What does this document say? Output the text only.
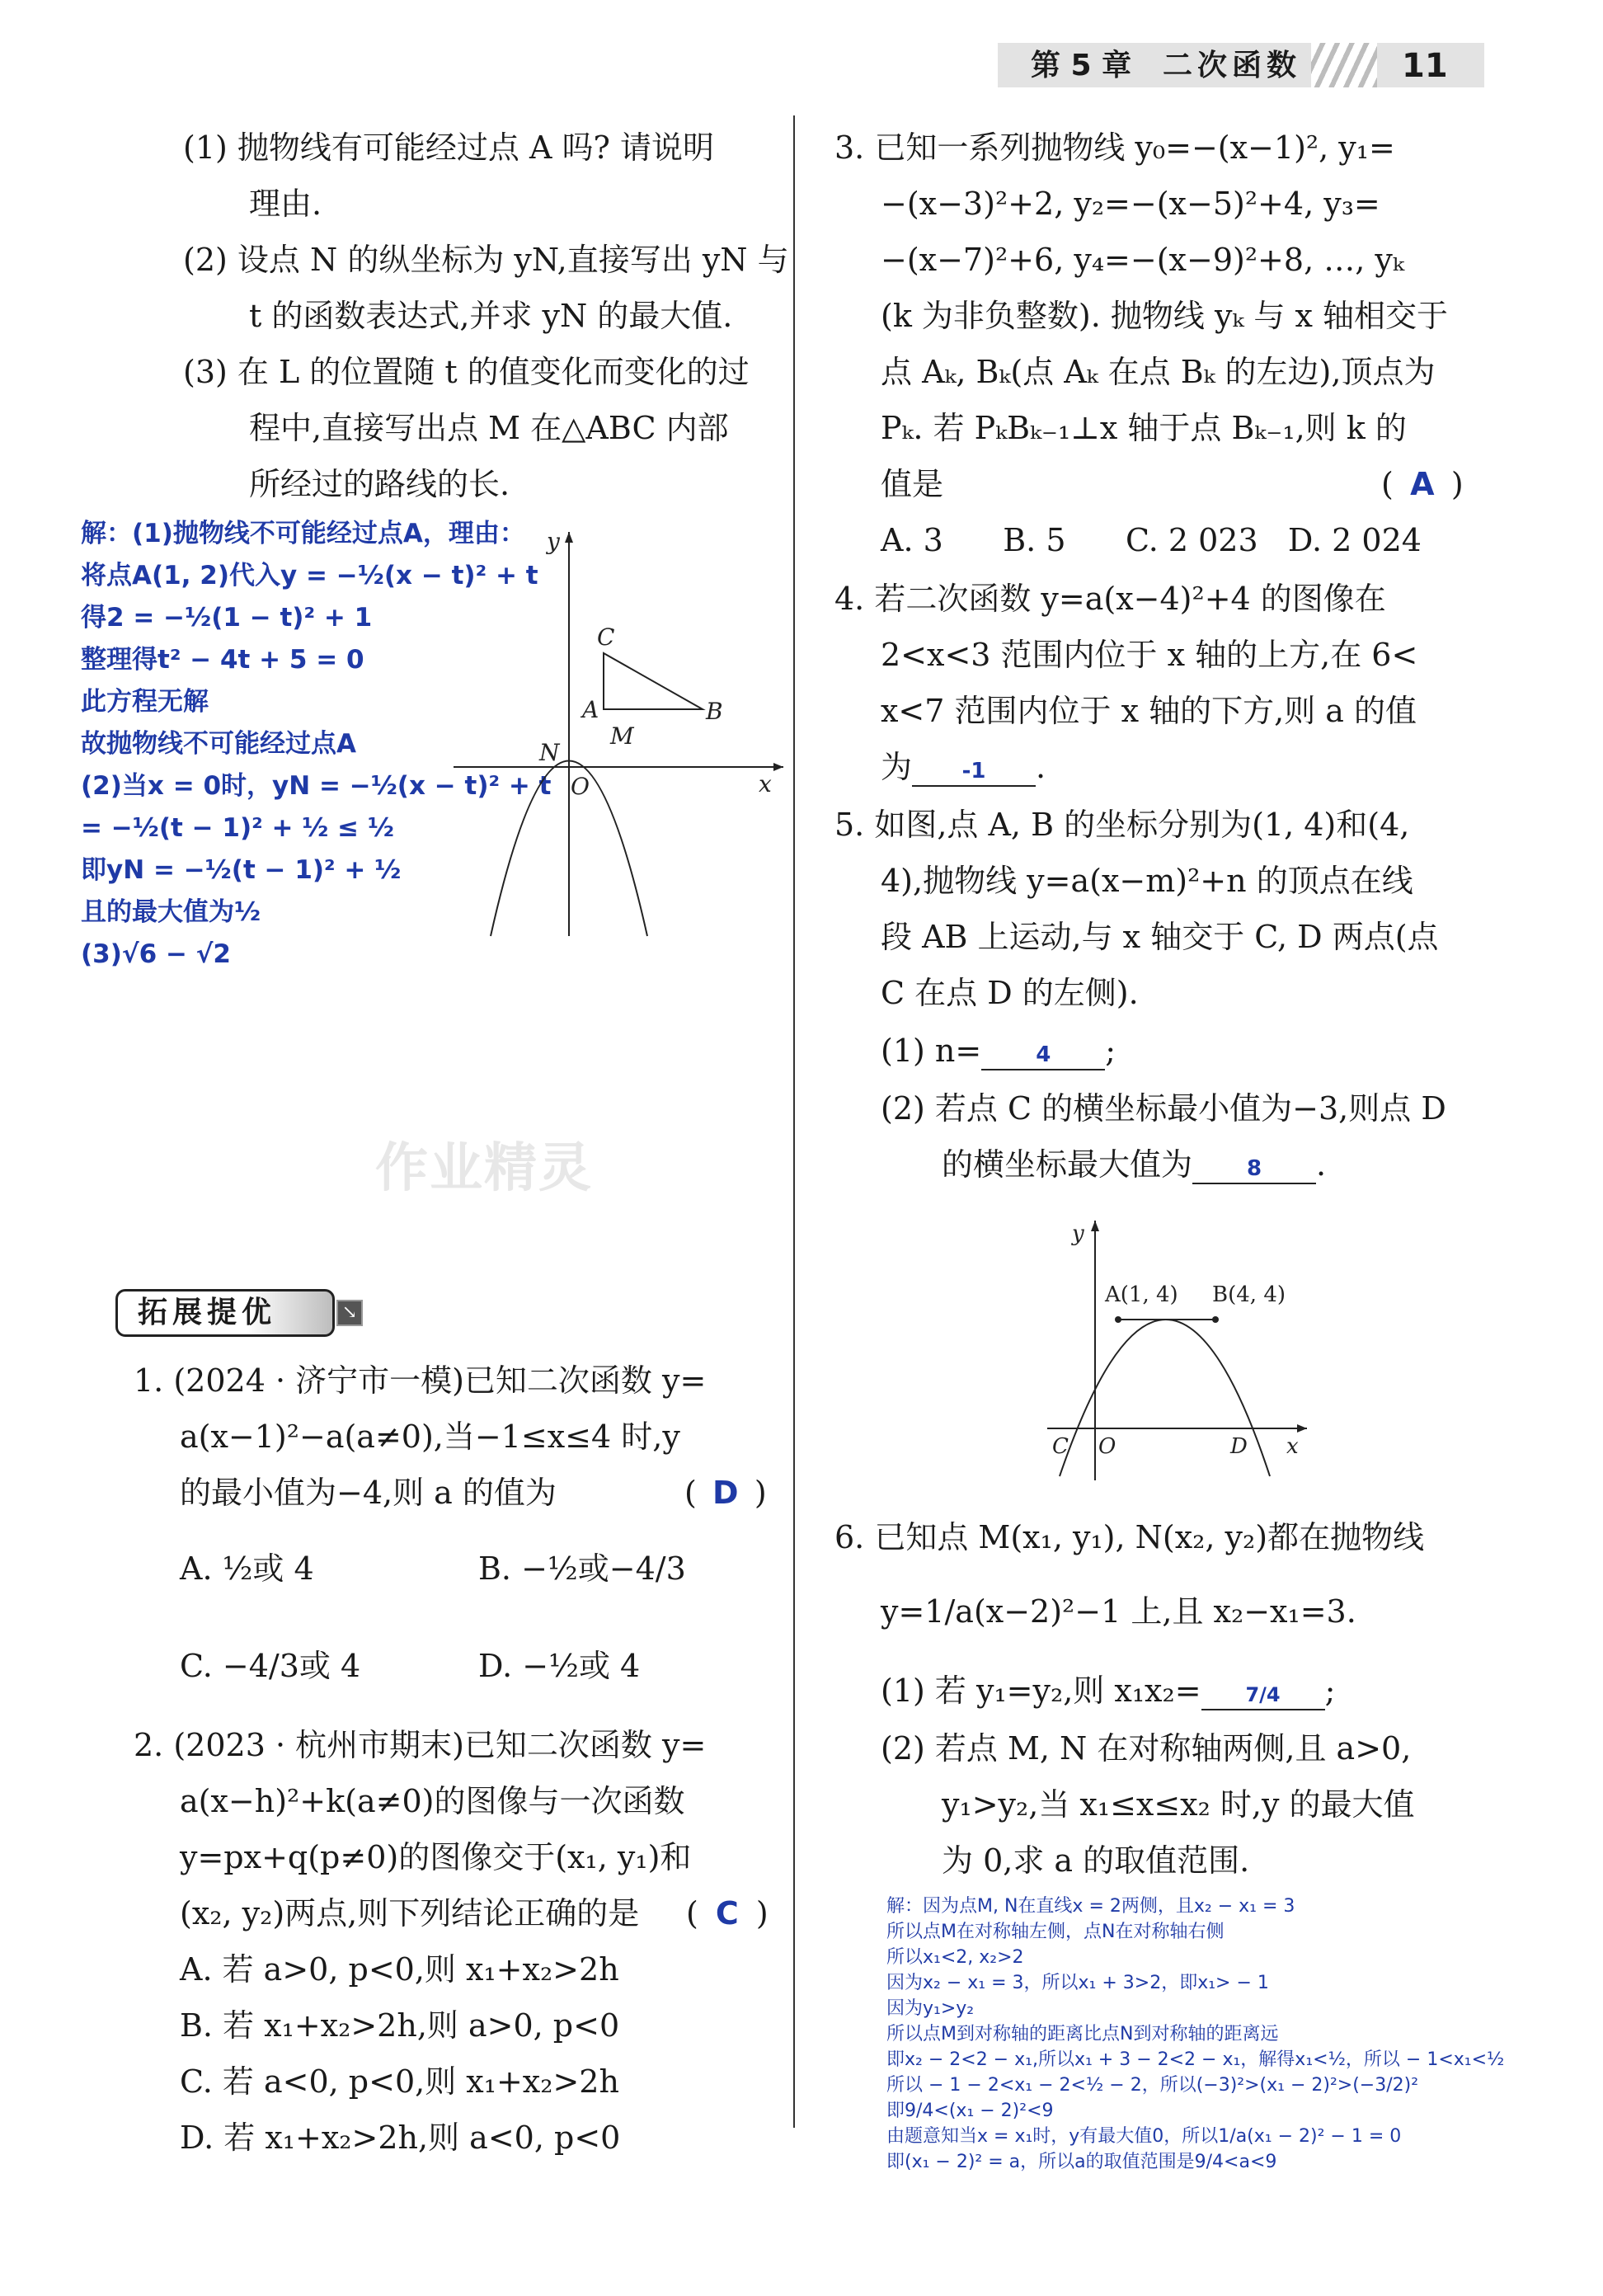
第 5 章 二次函数	11
(1) 抛物线有可能经过点 A 吗? 请说明
理由.
(2) 设点 N 的纵坐标为 yN,直接写出 yN 与
t 的函数表达式,并求 yN 的最大值.
(3) 在 L 的位置随 t 的值变化而变化的过
程中,直接写出点 M 在△ABC 内部
所经过的路线的长.
解：(1)抛物线不可能经过点A，理由：
将点A(1, 2)代入y = −½(x − t)² + t
得2 = −½(1 − t)² + 1
整理得t² − 4t + 5 = 0
此方程无解
故抛物线不可能经过点A
(2)当x = 0时，yN = −½(x − t)² + t
= −½(t − 1)² + ½ ≤ ½
即yN = −½(t − 1)² + ½
且的最大值为½
(3)√6 − √2
y
x
O
C
A	B
N
M
作业精灵
拓展提优	↘
1. (2024 · 济宁市一模)已知二次函数 y=
a(x−1)²−a(a≠0),当−1≤x≤4 时,y
的最小值为−4,则 a 的值为	( D )
A. ½或 4	B. −½或−4/3
C. −4/3或 4	D. −½或 4
2. (2023 · 杭州市期末)已知二次函数 y=
a(x−h)²+k(a≠0)的图像与一次函数
y=px+q(p≠0)的图像交于(x₁, y₁)和
(x₂, y₂)两点,则下列结论正确的是 ( C )
A. 若 a>0, p<0,则 x₁+x₂>2h
B. 若 x₁+x₂>2h,则 a>0, p<0
C. 若 a<0, p<0,则 x₁+x₂>2h
D. 若 x₁+x₂>2h,则 a<0, p<0
3. 已知一系列抛物线 y₀=−(x−1)², y₁=
−(x−3)²+2, y₂=−(x−5)²+4, y₃=
−(x−7)²+6, y₄=−(x−9)²+8, …, yₖ
(k 为非负整数). 抛物线 yₖ 与 x 轴相交于
点 Aₖ, Bₖ(点 Aₖ 在点 Bₖ 的左边),顶点为
Pₖ. 若 PₖBₖ₋₁⊥x 轴于点 Bₖ₋₁,则 k 的
值是	( A )
A. 3      B. 5      C. 2 023   D. 2 024
4. 若二次函数 y=a(x−4)²+4 的图像在
2<x<3 范围内位于 x 轴的上方,在 6<
x<7 范围内位于 x 轴的下方,则 a 的值
为 -1 .
5. 如图,点 A, B 的坐标分别为(1, 4)和(4,
4),抛物线 y=a(x−m)²+n 的顶点在线
段 AB 上运动,与 x 轴交于 C, D 两点(点
C 在点 D 的左侧).
(1) n=	4 ;
(2) 若点 C 的横坐标最小值为−3,则点 D
的横坐标最大值为	8 .
y
x
O
C	D
A(1, 4) B(4, 4)
6. 已知点 M(x₁, y₁), N(x₂, y₂)都在抛物线
y=1/a(x−2)²−1 上,且 x₂−x₁=3.
(1) 若 y₁=y₂,则 x₁x₂= 7/4 ;
(2) 若点 M, N 在对称轴两侧,且 a>0,
y₁>y₂,当 x₁≤x≤x₂ 时,y 的最大值
为 0,求 a 的取值范围.
解：因为点M, N在直线x = 2两侧，且x₂ − x₁ = 3
所以点M在对称轴左侧，点N在对称轴右侧
所以x₁<2, x₂>2
因为x₂ − x₁ = 3，所以x₁ + 3>2，即x₁> − 1
因为y₁>y₂
所以点M到对称轴的距离比点N到对称轴的距离远
即x₂ − 2<2 − x₁,所以x₁ + 3 − 2<2 − x₁，解得x₁<½，所以 − 1<x₁<½
所以 − 1 − 2<x₁ − 2<½ − 2，所以(−3)²>(x₁ − 2)²>(−3/2)²
即9/4<(x₁ − 2)²<9
由题意知当x = x₁时，y有最大值0，所以1/a(x₁ − 2)² − 1 = 0
即(x₁ − 2)² = a，所以a的取值范围是9/4<a<9
